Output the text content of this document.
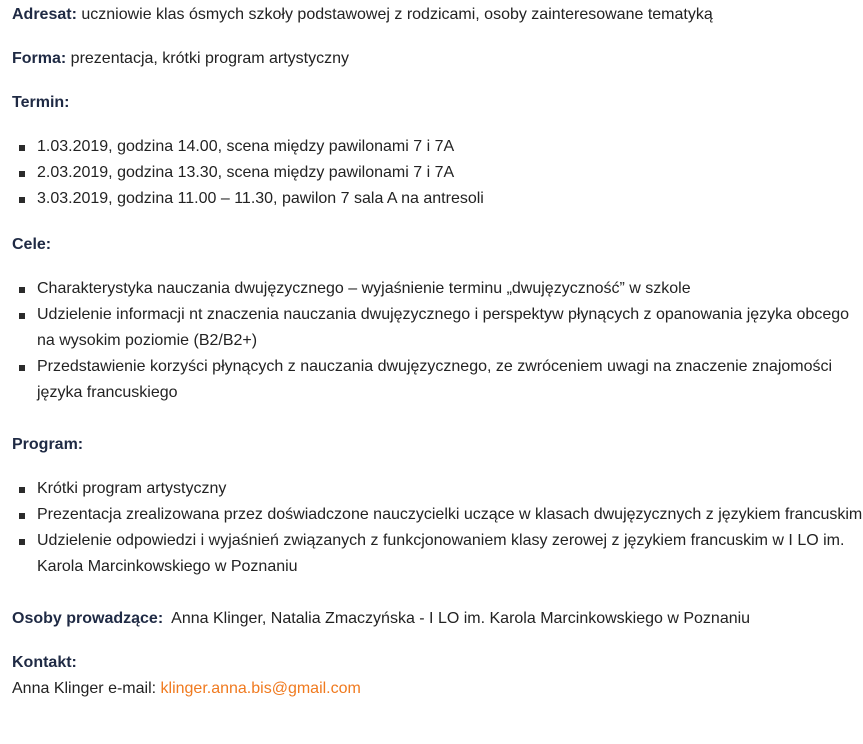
Adresat: uczniowie klas ósmych szkoły podstawowej z rodzicami, osoby zainteresowane tematyką

Forma: prezentacja, krótki program artystyczny

Termin:

1.03.2019, godzina 14.00, scena między pawilonami 7 i 7A
2.03.2019, godzina 13.30, scena między pawilonami 7 i 7A
3.03.2019, godzina 11.00 – 11.30, pawilon 7 sala A na antresoli

Cele:

Charakterystyka nauczania dwujęzycznego – wyjaśnienie terminu „dwujęzyczność” w szkole
Udzielenie informacji nt znaczenia nauczania dwujęzycznego i perspektyw płynących z opanowania języka obcego na wysokim poziomie (B2/B2+)
Przedstawienie korzyści płynących z nauczania dwujęzycznego, ze zwróceniem uwagi na znaczenie znajomości języka francuskiego

Program:

Krótki program artystyczny
Prezentacja zrealizowana przez doświadczone nauczycielki uczące w klasach dwujęzycznych z językiem francuskim
Udzielenie odpowiedzi i wyjaśnień związanych z funkcjonowaniem klasy zerowej z językiem francuskim w I LO im. Karola Marcinkowskiego w Poznaniu

Osoby prowadzące:  Anna Klinger, Natalia Zmaczyńska - I LO im. Karola Marcinkowskiego w Poznaniu

Kontakt:

Anna Klinger e-mail: klinger.anna.bis@gmail.com
